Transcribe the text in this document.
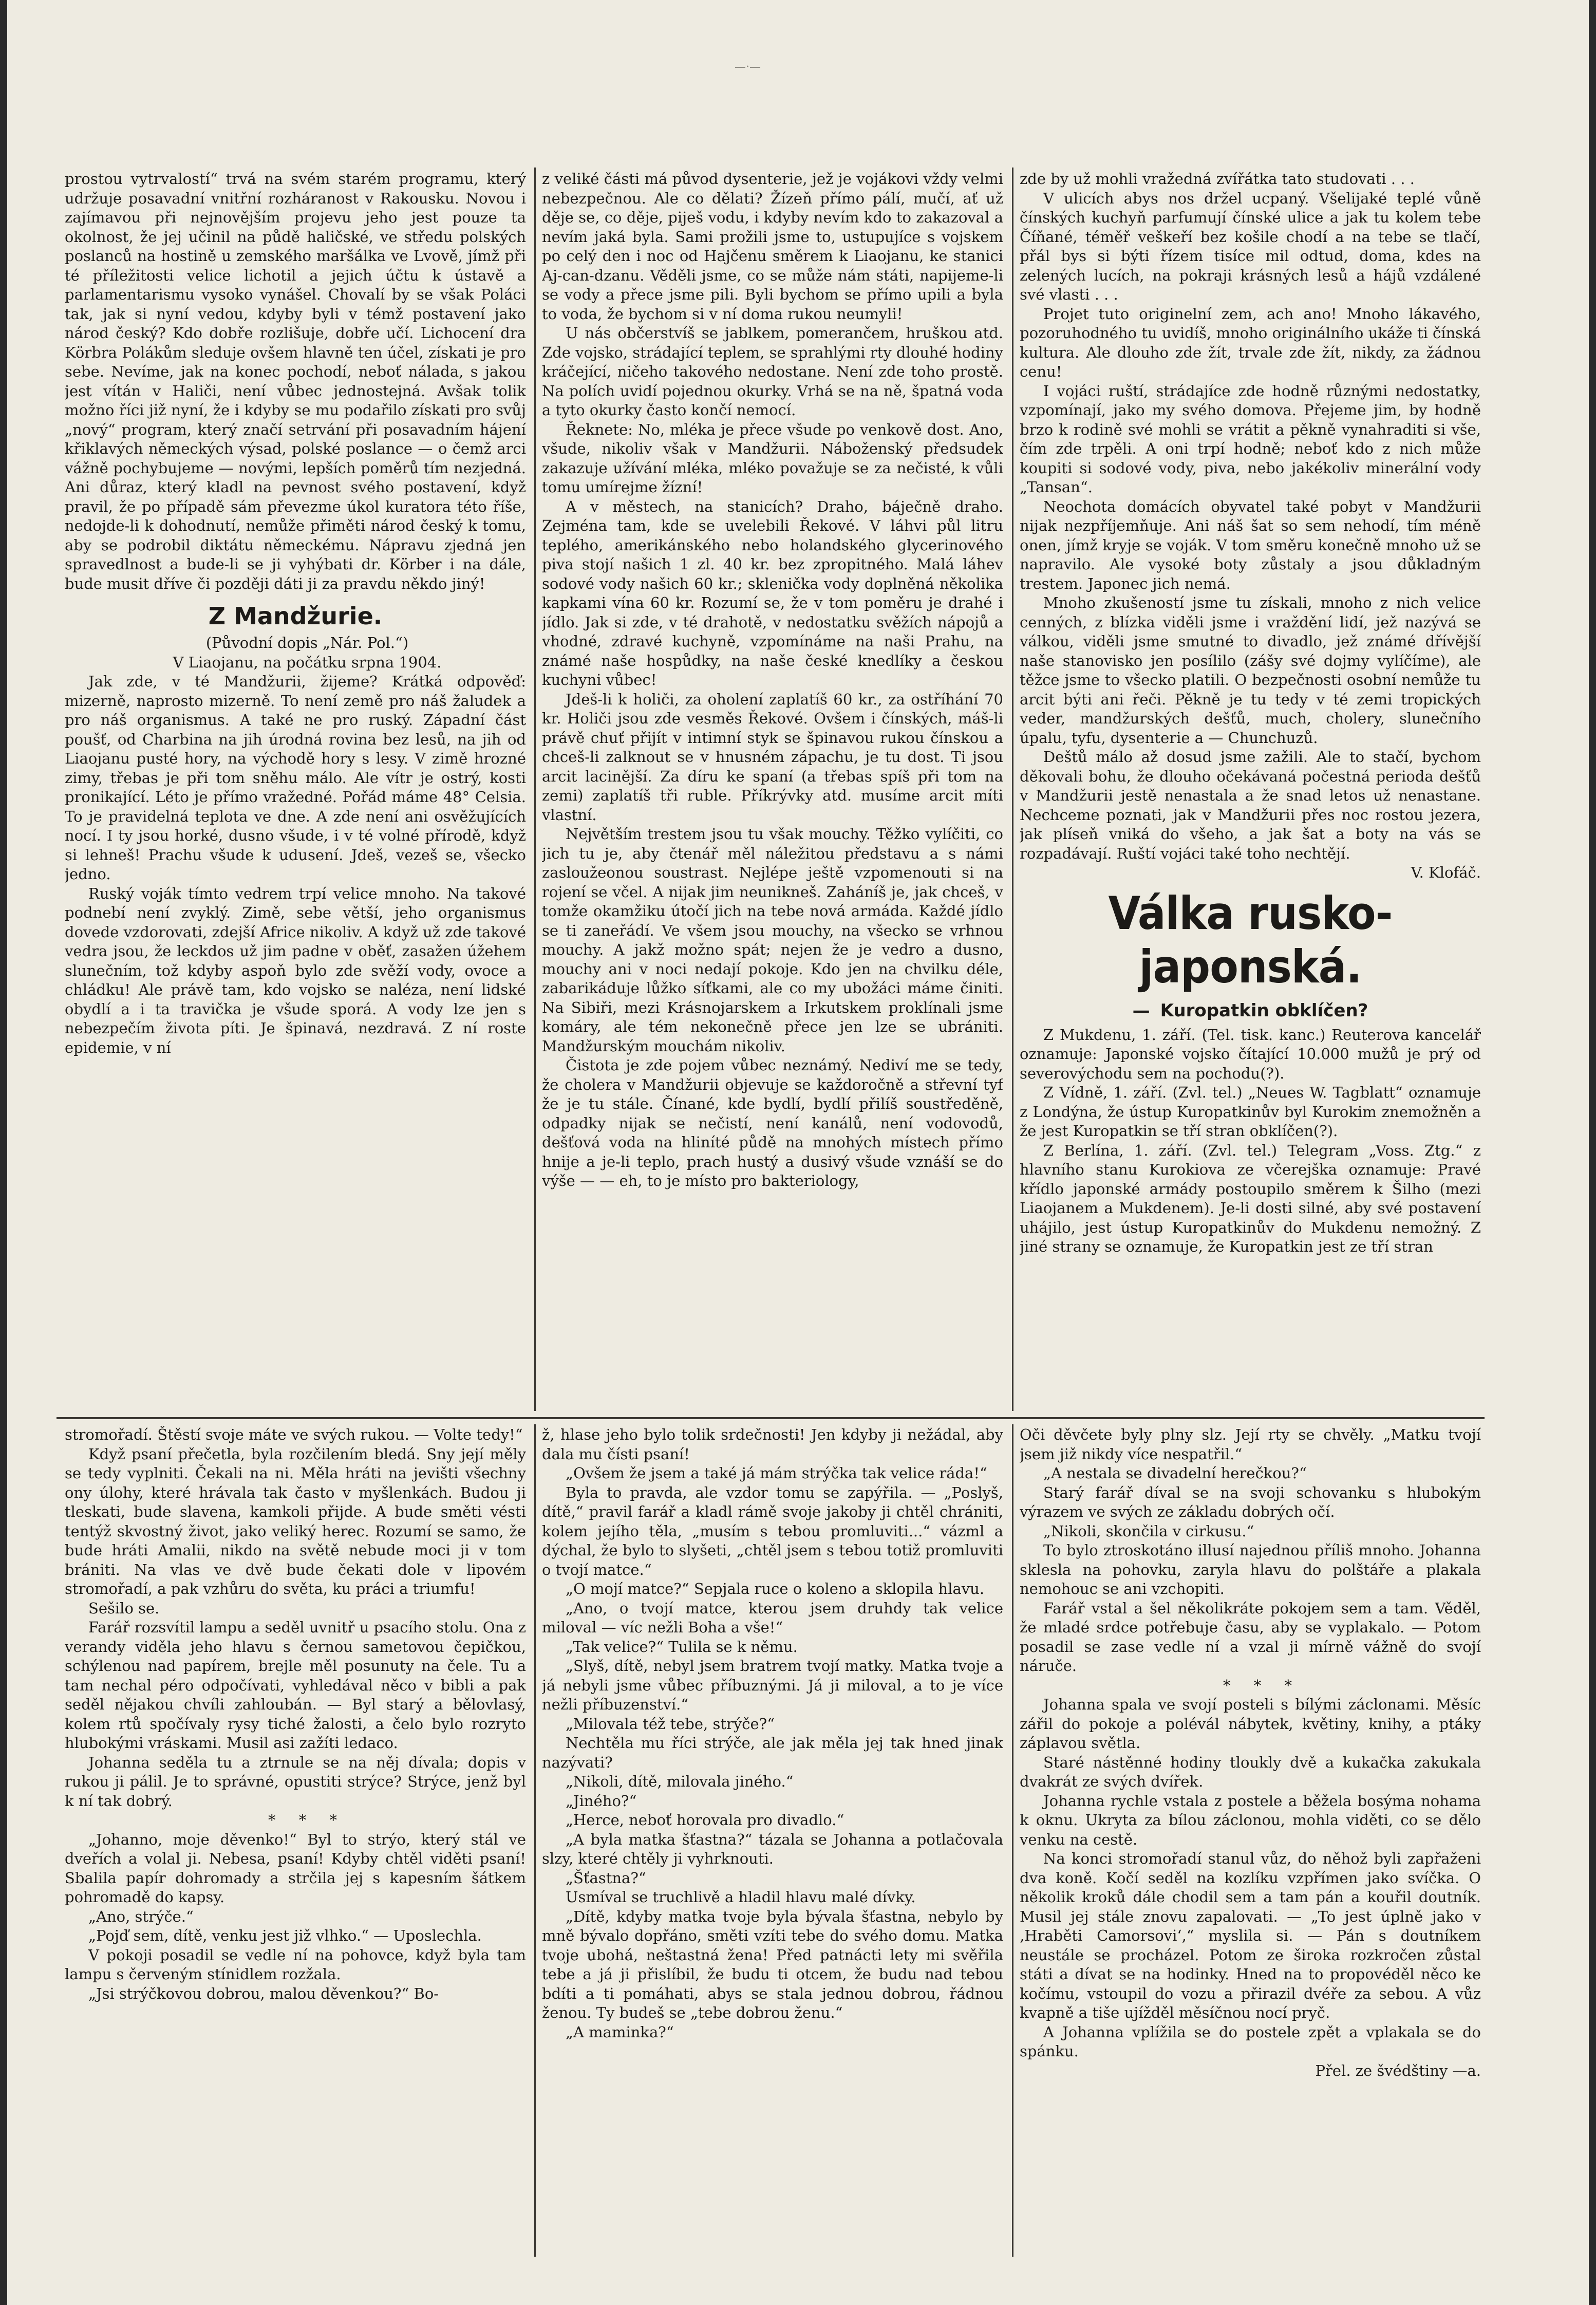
—·—

prostou vytrvalostí“ trvá na svém starém programu, který udržuje posavadní vnitřní rozháranost v Rakousku. Novou i zajímavou při nejnovějším projevu jeho jest pouze ta okolnost, že jej učinil na půdě haličské, ve středu polských poslanců na hostině u zemského maršálka ve Lvově, jímž při té příležitosti velice lichotil a jejich účtu k ústavě a parlamentarismu vysoko vynášel. Chovalí by se však Poláci tak, jak si nyní vedou, kdyby byli v témž postavení jako národ český? Kdo dobře rozlišuje, dobře učí. Lichocení dra Körbra Polákům sleduje ovšem hlavně ten účel, získati je pro sebe. Nevíme, jak na konec pochodí, neboť nálada, s jakou jest vítán v Haliči, není vůbec jednostejná. Avšak tolik možno říci již nyní, že i kdyby se mu podařilo získati pro svůj „nový“ program, který značí setrvání při posavadním hájení křiklavých německých výsad, polské poslance — o čemž arci vážně pochybujeme — novými, lepších poměrů tím nezjedná. Ani důraz, který kladl na pevnost svého postavení, když pravil, že po případě sám převezme úkol kuratora této říše, nedojde-li k dohodnutí, nemůže přiměti národ český k tomu, aby se podrobil diktátu německému. Nápravu zjedná jen spravedlnost a bude-li se ji vyhýbati dr. Körber i na dále, bude musit dříve či později dáti ji za pravdu někdo jiný!

Z Mandžurie.

(Původní dopis „Nár. Pol.“)

V Liaojanu, na počátku srpna 1904.

Jak zde, v té Mandžurii, žijeme? Krátká odpověď: mizerně, naprosto mizerně. To není země pro náš žaludek a pro náš organismus. A také ne pro ruský. Západní část poušť, od Charbina na jih úrodná rovina bez lesů, na jih od Liaojanu pusté hory, na východě hory s lesy. V zimě hrozné zimy, třebas je při tom sněhu málo. Ale vítr je ostrý, kosti pronikající. Léto je přímo vražedné. Pořád máme 48° Celsia. To je pravidelná teplota ve dne. A zde není ani osvěžujících nocí. I ty jsou horké, dusno všude, i v té volné přírodě, když si lehneš! Prachu všude k udusení. Jdeš, vezeš se, všecko jedno.

Ruský voják tímto vedrem trpí velice mnoho. Na takové podnebí není zvyklý. Zimě, sebe větší, jeho organismus dovede vzdorovati, zdejší Africe nikoliv. A když už zde takové vedra jsou, že leckdos už jim padne v oběť, zasažen úžehem slunečním, tož kdyby aspoň bylo zde svěží vody, ovoce a chládku! Ale právě tam, kdo vojsko se naléza, není lidské obydlí a i ta travička je všude sporá. A vody lze jen s nebezpečím života píti. Je špinavá, nezdravá. Z ní roste epidemie, v ní

z veliké části má původ dysenterie, jež je vojákovi vždy velmi nebezpečnou. Ale co dělati? Žízeň přímo pálí, mučí, ať už děje se, co děje, piješ vodu, i kdyby nevím kdo to zakazoval a nevím jaká byla. Sami prožili jsme to, ustupujíce s vojskem po celý den i noc od Hajčenu směrem k Liaojanu, ke stanici Aj-can-dzanu. Věděli jsme, co se může nám státi, napijeme-li se vody a přece jsme pili. Byli bychom se přímo upili a byla to voda, že bychom si v ní doma rukou neumyli!

U nás občerstvíš se jablkem, pomerančem, hruškou atd. Zde vojsko, strádající teplem, se sprahlými rty dlouhé hodiny kráčející, ničeho takového nedostane. Není zde toho prostě. Na polích uvidí pojednou okurky. Vrhá se na ně, špatná voda a tyto okurky často končí nemocí.

Řeknete: No, mléka je přece všude po venkově dost. Ano, všude, nikoliv však v Mandžurii. Náboženský předsudek zakazuje užívání mléka, mléko považuje se za nečisté, k vůli tomu umírejme žízní!

A v městech, na stanicích? Draho, báječně draho. Zejména tam, kde se uvelebili Řekové. V láhvi půl litru teplého, amerikánského nebo holandského glycerinového piva stojí našich 1 zl. 40 kr. bez zpropitného. Malá láhev sodové vody našich 60 kr.; sklenička vody doplněná několika kapkami vína 60 kr. Rozumí se, že v tom poměru je drahé i jídlo. Jak si zde, v té drahotě, v nedostatku svěžích nápojů a vhodné, zdravé kuchyně, vzpomínáme na naši Prahu, na známé naše hospůdky, na naše české knedlíky a českou kuchyni vůbec!

Jdeš-li k holiči, za oholení zaplatíš 60 kr., za ostříhání 70 kr. Holiči jsou zde vesměs Řekové. Ovšem i čínských, máš-li právě chuť přijít v intimní styk se špinavou rukou čínskou a chceš-li zalknout se v hnusném zápachu, je tu dost. Ti jsou arcit lacinější. Za díru ke spaní (a třebas spíš při tom na zemi) zaplatíš tři ruble. Příkrývky atd. musíme arcit míti vlastní.

Největším trestem jsou tu však mouchy. Těžko vylíčiti, co jich tu je, aby čtenář měl náležitou představu a s námi zasloužeonou soustrast. Nejlépe ještě vzpomenouti si na rojení se včel. A nijak jim neunikneš. Zaháníš je, jak chceš, v tomže okamžiku útočí jich na tebe nová armáda. Každé jídlo se ti zaneřádí. Ve všem jsou mouchy, na všecko se vrhnou mouchy. A jakž možno spát; nejen že je vedro a dusno, mouchy ani v noci nedají pokoje. Kdo jen na chvilku déle, zabarikáduje lůžko síťkami, ale co my ubožáci máme činiti. Na Sibiři, mezi Krásnojarskem a Irkutskem proklínali jsme komáry, ale tém nekonečně přece jen lze se ubrániti. Mandžurským mouchám nikoliv.

Čistota je zde pojem vůbec neznámý. Nediví me se tedy, že cholera v Mandžurii objevuje se každoročně a střevní tyf že je tu stále. Čínané, kde bydlí, bydlí přilíš soustředěně, odpadky nijak se nečistí, není kanálů, není vodovodů, dešťová voda na hliníté půdě na mnohých místech přímo hnije a je-li teplo, prach hustý a dusivý všude vznáší se do výše — — eh, to je místo pro bakteriology,

zde by už mohli vražedná zvířátka tato studovati . . .

V ulicích abys nos držel ucpaný. Všelijaké teplé vůně čínských kuchyň parfumují čínské ulice a jak tu kolem tebe Číňané, téměř veškeří bez košile chodí a na tebe se tlačí, přál bys si býti řízem tisíce mil odtud, doma, kdes na zelených lucích, na pokraji krásných lesů a hájů vzdálené své vlasti . . .

Projet tuto originelní zem, ach ano! Mnoho lákavého, pozoruhodného tu uvidíš, mnoho originálního ukáže ti čínská kultura. Ale dlouho zde žít, trvale zde žít, nikdy, za žádnou cenu!

I vojáci ruští, strádajíce zde hodně různými nedostatky, vzpomínají, jako my svého domova. Přejeme jim, by hodně brzo k rodině své mohli se vrátit a pěkně vynahraditi si vše, čím zde trpěli. A oni trpí hodně; neboť kdo z nich může koupiti si sodové vody, piva, nebo jakékoliv minerální vody „Tansan“.

Neochota domácích obyvatel také pobyt v Mandžurii nijak nezpříjemňuje. Ani náš šat so sem nehodí, tím méně onen, jímž kryje se voják. V tom směru konečně mnoho už se napravilo. Ale vysoké boty zůstaly a jsou důkladným trestem. Japonec jich nemá.

Mnoho zkušeností jsme tu získali, mnoho z nich velice cenných, z blízka viděli jsme i vraždění lidí, jež nazývá se válkou, viděli jsme smutné to divadlo, jež známé dřívější naše stanovisko jen posílilo (zášy své dojmy vylíčíme), ale těžce jsme to všecko platili. O bezpečnosti osobní nemůže tu arcit býti ani řeči. Pěkně je tu tedy v té zemi tropických veder, mandžurských dešťů, much, cholery, slunečního úpalu, tyfu, dysenterie a — Chunchuzů.

Deštů málo až dosud jsme zažili. Ale to stačí, bychom děkovali bohu, že dlouho očekávaná počestná perioda dešťů v Mandžurii jestě nenastala a že snad letos už nenastane. Nechceme poznati, jak v Mandžurii přes noc rostou jezera, jak plíseň vniká do všeho, a jak šat a boty na vás se rozpadávají. Ruští vojáci také toho nechtějí.

V. Klofáč.
Válka rusko-japonská.
— Kuropatkin obklíčen?

Z Mukdenu, 1. září. (Tel. tisk. kanc.) Reuterova kancelář oznamuje: Japonské vojsko čítající 10.000 mužů je prý od severovýchodu sem na pochodu(?).

Z Vídně, 1. září. (Zvl. tel.) „Neues W. Tagblatt“ oznamuje z Londýna, že ústup Kuropatkinův byl Kurokim znemožněn a že jest Kuropatkin se tří stran obklíčen(?).

Z Berlína, 1. září. (Zvl. tel.) Telegram „Voss. Ztg.“ z hlavního stanu Kurokiova ze včerejška oznamuje: Pravé křídlo japonské armády postoupilo směrem k Šilho (mezi Liaojanem a Mukdenem). Je-li dosti silné, aby své postavení uhájilo, jest ústup Kuropatkinův do Mukdenu nemožný. Z jiné strany se oznamuje, že Kuropatkin jest ze tří stran

stromořadí. Štěstí svoje máte ve svých rukou. — Volte tedy!“

Když psaní přečetla, byla rozčilením bledá. Sny její měly se tedy vyplniti. Čekali na ni. Měla hráti na jevišti všechny ony úlohy, které hrávala tak často v myšlenkách. Budou ji tleskati, bude slavena, kamkoli přijde. A bude směti vésti tentýž skvostný život, jako veliký herec. Rozumí se samo, že bude hráti Amalii, nikdo na světě nebude moci ji v tom brániti. Na vlas ve dvě bude čekati dole v lipovém stromořadí, a pak vzhůru do světa, ku práci a triumfu!

Sešilo se.

Farář rozsvítil lampu a seděl uvnitř u psacího stolu. Ona z verandy viděla jeho hlavu s černou sametovou čepičkou, schýlenou nad papírem, brejle měl posunuty na čele. Tu a tam nechal péro odpočívati, vyhledával něco v bibli a pak seděl nějakou chvíli zahloubán. — Byl starý a bělovlasý, kolem rtů spočívaly rysy tiché žalosti, a čelo bylo rozryto hlubokými vráskami. Musil asi zažíti ledaco.

Johanna seděla tu a ztrnule se na něj dívala; dopis v rukou ji pálil. Je to správné, opustiti strýce? Strýce, jenž byl k ní tak dobrý.

* * *

„Johanno, moje děvenko!“ Byl to strýo, který stál ve dveřích a volal ji. Nebesa, psaní! Kdyby chtěl viděti psaní! Sbalila papír dohromady a strčila jej s kapesním šátkem pohromadě do kapsy.

„Ano, strýče.“

„Pojď sem, dítě, venku jest již vlhko.“ — Uposlechla.

V pokoji posadil se vedle ní na pohovce, když byla tam lampu s červeným stínidlem rozžala.

„Jsi strýčkovou dobrou, malou děvenkou?“ Bo-

ž, hlase jeho bylo tolik srdečnosti! Jen kdyby ji nežádal, aby dala mu čísti psaní!

„Ovšem že jsem a také já mám strýčka tak velice ráda!“

Byla to pravda, ale vzdor tomu se zapýřila. — „Poslyš, dítě,“ pravil farář a kladl rámě svoje jakoby ji chtěl chrániti, kolem jejího těla, „musím s tebou promluviti...“ vázml a dýchal, že bylo to slyšeti, „chtěl jsem s tebou totiž promluviti o tvojí matce.“

„O mojí matce?“ Sepjala ruce o koleno a sklopila hlavu.

„Ano, o tvojí matce, kterou jsem druhdy tak velice miloval — víc nežli Boha a vše!“

„Tak velice?“ Tulila se k němu.

„Slyš, dítě, nebyl jsem bratrem tvojí matky. Matka tvoje a já nebyli jsme vůbec příbuznými. Já ji miloval, a to je více nežli příbuzenství.“

„Milovala též tebe, strýče?“

Nechtěla mu říci strýče, ale jak měla jej tak hned jinak nazývati?

„Nikoli, dítě, milovala jiného.“

„Jiného?“

„Herce, neboť horovala pro divadlo.“

„A byla matka šťastna?“ tázala se Johanna a potlačovala slzy, které chtěly ji vyhrknouti.

„Šťastna?“

Usmíval se truchlivě a hladil hlavu malé dívky.

„Dítě, kdyby matka tvoje byla bývala šťastna, nebylo by mně bývalo dopřáno, směti vzíti tebe do svého domu. Matka tvoje ubohá, neštastná žena! Před patnácti lety mi svěřila tebe a já ji přislíbil, že budu ti otcem, že budu nad tebou bdíti a ti pomáhati, abys se stala jednou dobrou, řádnou ženou. Ty budeš se „tebe dobrou ženu.“

„A maminka?“

Oči děvčete byly plny slz. Její rty se chvěly. „Matku tvojí jsem již nikdy více nespatřil.“

„A nestala se divadelní herečkou?“

Starý farář díval se na svoji schovanku s hlubokým výrazem ve svých ze základu dobrých očí.

„Nikoli, skončila v cirkusu.“

To bylo ztroskotáno illusí najednou příliš mnoho. Johanna sklesla na pohovku, zaryla hlavu do polštáře a plakala nemohouc se ani vzchopiti.

Farář vstal a šel několikráte pokojem sem a tam. Věděl, že mladé srdce potřebuje času, aby se vyplakalo. — Potom posadil se zase vedle ní a vzal ji mírně vážně do svojí náruče.

* * *

Johanna spala ve svojí posteli s bílými záclonami. Měsíc zářil do pokoje a polévál nábytek, květiny, knihy, a ptáky záplavou světla.

Staré nástěnné hodiny tloukly dvě a kukačka zakukala dvakrát ze svých dvířek.

Johanna rychle vstala z postele a běžela bosýma nohama k oknu. Ukryta za bílou záclonou, mohla viděti, co se dělo venku na cestě.

Na konci stromořadí stanul vůz, do něhož byli zapřaženi dva koně. Kočí seděl na kozlíku vzpřímen jako svíčka. O několik kroků dále chodil sem a tam pán a kouřil doutník. Musil jej stále znovu zapalovati. — „To jest úplně jako v ‚Hraběti Camorsovi‘,“ myslila si. — Pán s doutníkem neustále se procházel. Potom ze široka rozkročen zůstal státi a dívat se na hodinky. Hned na to propovéděl něco ke kočímu, vstoupil do vozu a přirazil dvéře za sebou. A vůz kvapně a tiše ujížděl měsíčnou nocí pryč.

A Johanna vplížila se do postele zpět a vplakala se do spánku.

Přel. ze švédštiny —a.
